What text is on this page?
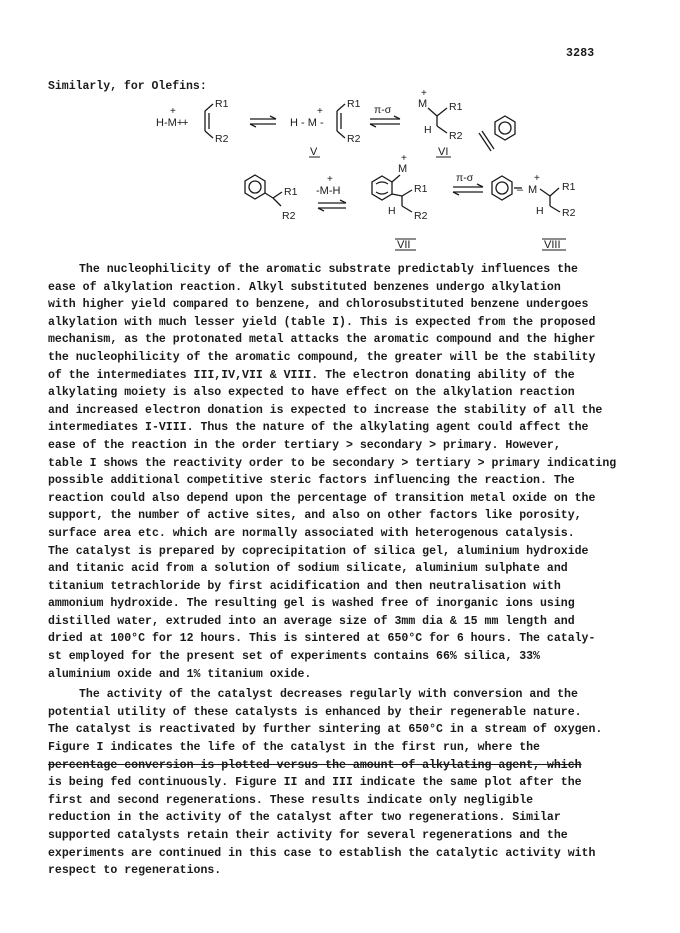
3283
Similarly, for Olefins:
H-M+
+
+
R1
R2
H - M -
+
R1
R2
V
π-σ M
+
R1
H R2
VI
R1
R2
-M-H
+
M
+
R1
H R2
VII
π-σ
– M
+
R1
H R2
VIII
The nucleophilicity of the aromatic substrate predictably influences the
ease of alkylation reaction. Alkyl substituted benzenes undergo alkylation
with higher yield compared to benzene, and chlorosubstituted benzene undergoes
alkylation with much lesser yield (table I). This is expected from the proposed
mechanism, as the protonated metal attacks the aromatic compound and the higher
the nucleophilicity of the aromatic compound, the greater will be the stability
of the intermediates III,IV,VII & VIII. The electron donating ability of the
alkylating moiety is also expected to have effect on the alkylation reaction
and increased electron donation is expected to increase the stability of all the
intermediates I-VIII. Thus the nature of the alkylating agent could affect the
ease of the reaction in the order tertiary > secondary > primary. However,
table I shows the reactivity order to be secondary > tertiary > primary indicating
possible additional competitive steric factors influencing the reaction. The
reaction could also depend upon the percentage of transition metal oxide on the
support, the number of active sites, and also on other factors like porosity,
surface area etc. which are normally associated with heterogenous catalysis.
The catalyst is prepared by coprecipitation of silica gel, aluminium hydroxide
and titanic acid from a solution of sodium silicate, aluminium sulphate and
titanium tetrachloride by first acidification and then neutralisation with
ammonium hydroxide. The resulting gel is washed free of inorganic ions using
distilled water, extruded into an average size of 3mm dia & 15 mm length and
dried at 100°C for 12 hours. This is sintered at 650°C for 6 hours. The cataly-
st employed for the present set of experiments contains 66% silica, 33%
aluminium oxide and 1% titanium oxide.
The activity of the catalyst decreases regularly with conversion and the
potential utility of these catalysts is enhanced by their regenerable nature.
The catalyst is reactivated by further sintering at 650°C in a stream of oxygen.
Figure I indicates the life of the catalyst in the first run, where the
percentage conversion is plotted versus the amount of alkylating agent, which
is being fed continuously. Figure II and III indicate the same plot after the
first and second regenerations. These results indicate only negligible
reduction in the activity of the catalyst after two regenerations. Similar
supported catalysts retain their activity for several regenerations and the
experiments are continued in this case to establish the catalytic activity with
respect to regenerations.
